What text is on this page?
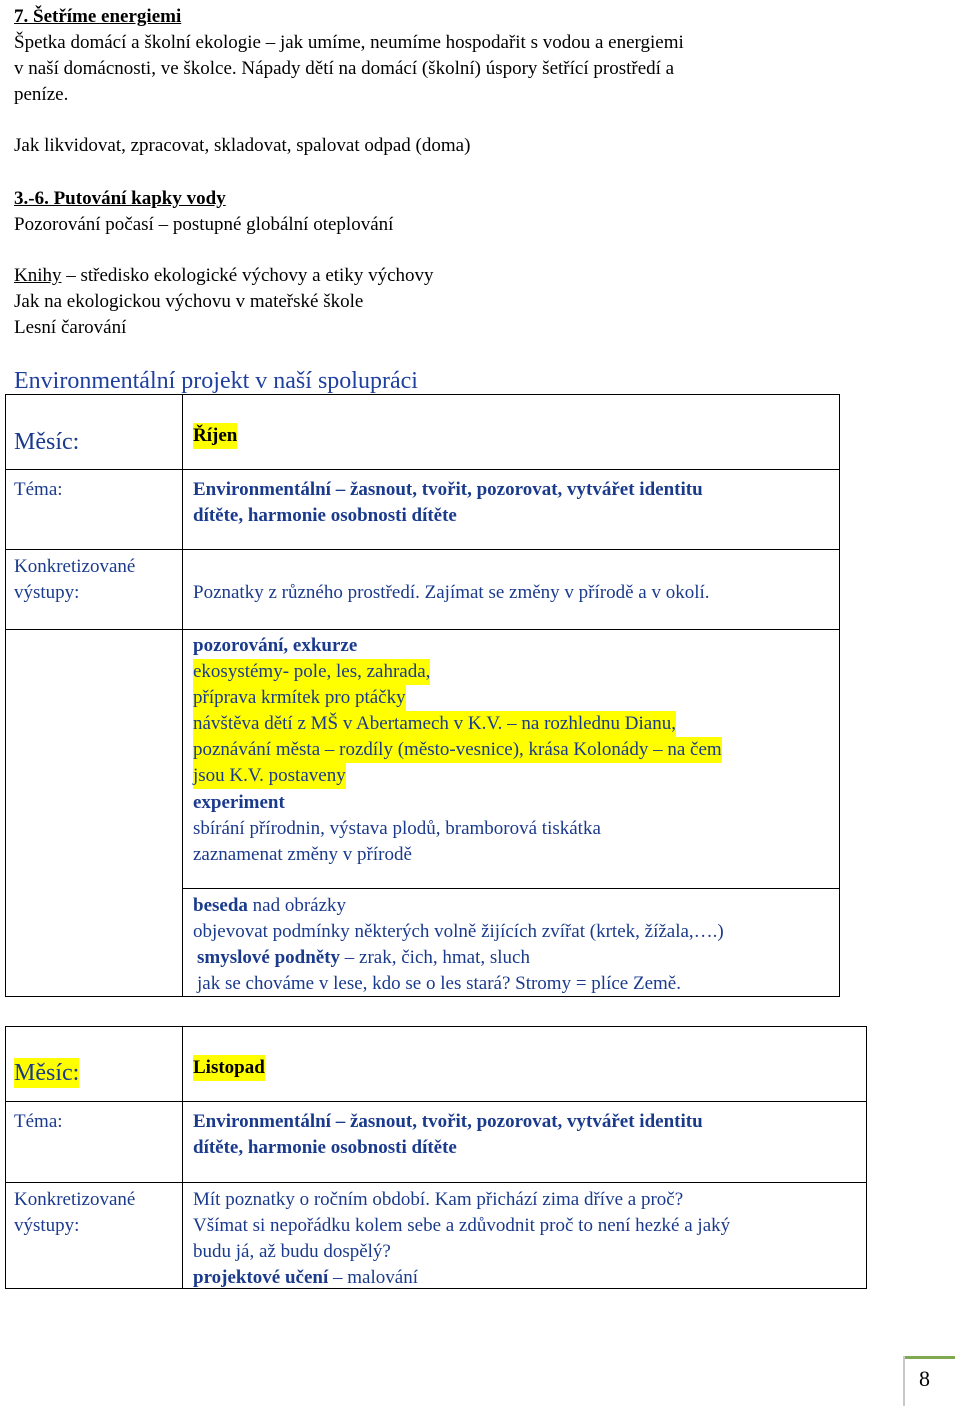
7. Šetříme energiemi

Špetka domácí a školní ekologie – jak umíme, neumíme hospodařit s vodou a energiemi

v naší domácnosti, ve školce. Nápady dětí na domácí (školní) úspory šetřící prostředí a

peníze.

Jak likvidovat, zpracovat, skladovat, spalovat odpad (doma)

3.-6. Putování kapky vody

Pozorování počasí – postupné globální oteplování

Knihy – středisko ekologické výchovy a etiky výchovy

Jak na ekologickou výchovu v mateřské škole

Lesní čarování

Environmentální projekt v naší spolupráci

Měsíc:	Říjen
Téma:	Environmentální – žasnout, tvořit, pozorovat, vytvářet identitu
dítěte, harmonie osobnosti dítěte
Konkretizované
výstupy:	Poznatky z různého prostředí. Zajímat se změny v přírodě a v okolí.
pozorování, exkurze
ekosystémy- pole, les, zahrada,
příprava krmítek pro ptáčky
návštěva dětí z MŠ v Abertamech v K.V. – na rozhlednu Dianu,
poznávání města – rozdíly (město-vesnice), krása Kolonády – na čem
jsou K.V. postaveny
experiment
sbírání přírodnin, výstava plodů, bramborová tiskátka
zaznamenat změny v přírodě
beseda nad obrázky
objevovat podmínky některých volně žijících zvířat (krtek, žížala,….)
smyslové podněty – zrak, čich, hmat, sluch
jak se chováme v lese, kdo se o les stará? Stromy = plíce Země.
Měsíc:	Listopad
Téma:	Environmentální – žasnout, tvořit, pozorovat, vytvářet identitu
dítěte, harmonie osobnosti dítěte
Konkretizované
výstupy:
Mít poznatky o ročním období. Kam přichází zima dříve a proč?
Všímat si nepořádku kolem sebe a zdůvodnit proč to není hezké a jaký
budu já, až budu dospělý?
projektové učení – malování
8
